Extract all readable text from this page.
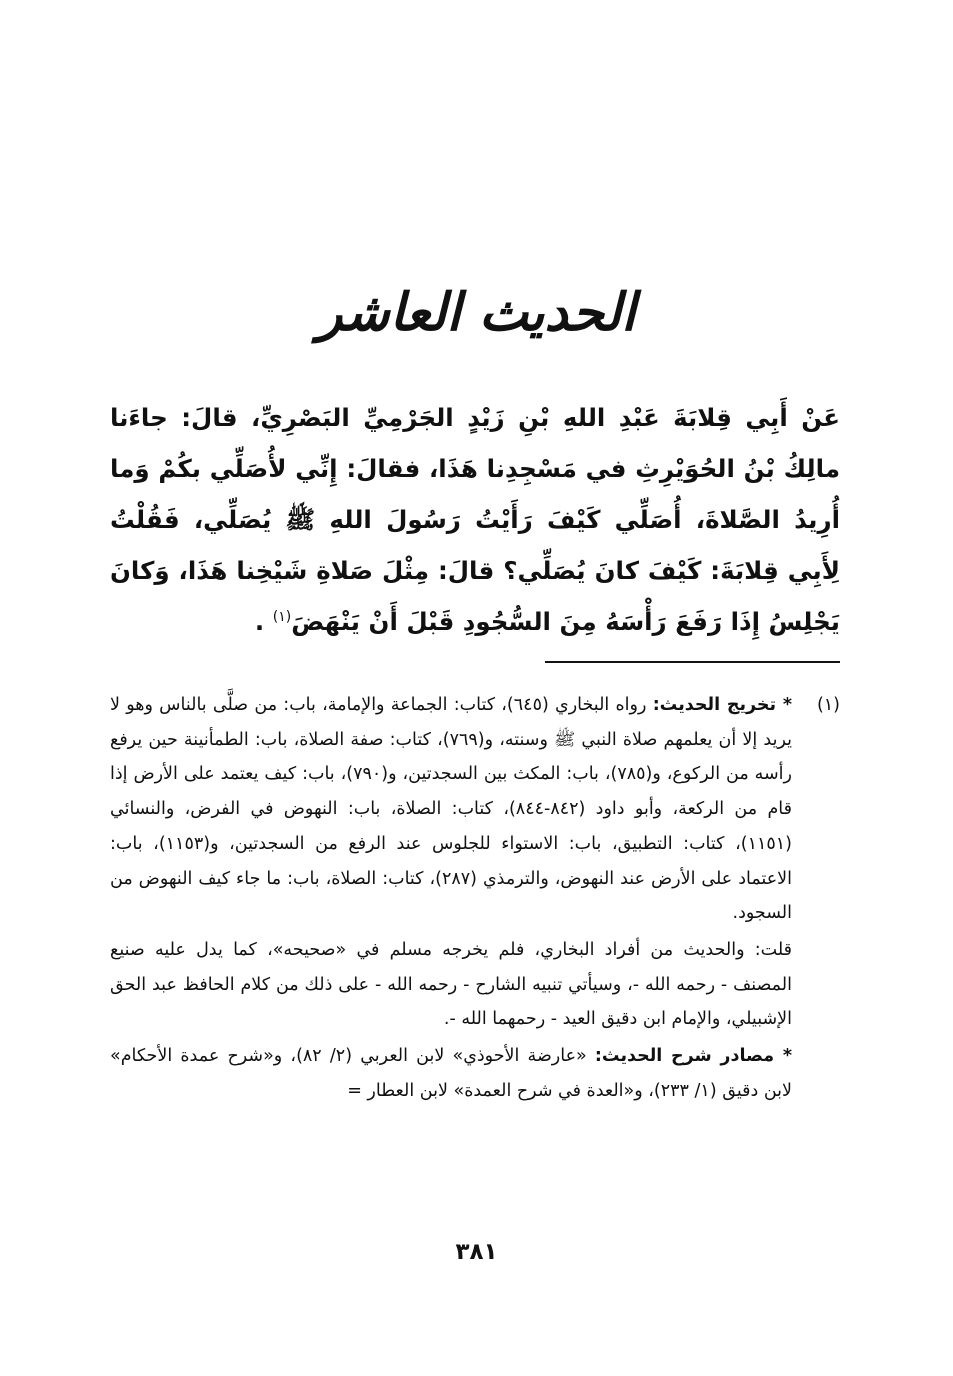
الحديث العاشر
عَنْ أَبِي قِلابَةَ عَبْدِ اللهِ بْنِ زَيْدٍ الجَرْمِيِّ البَصْرِيِّ، قالَ: جاءَنا مالِكُ بْنُ الحُوَيْرِثِ في مَسْجِدِنا هَذَا، فقالَ: إِنِّي لأُصَلِّي بكُمْ وَما أُرِيدُ الصَّلاةَ، أُصَلِّي كَيْفَ رَأَيْتُ رَسُولَ اللهِ ﷺ يُصَلِّي، فَقُلْتُ لِأَبِي قِلابَةَ: كَيْفَ كانَ يُصَلِّي؟ قالَ: مِثْلَ صَلاةِ شَيْخِنا هَذَا، وَكانَ يَجْلِسُ إِذَا رَفَعَ رَأْسَهُ مِنَ السُّجُودِ قَبْلَ أَنْ يَنْهَضَ$^{(١)}$ .
(١)

* تخريج الحديث: رواه البخاري (٦٤٥)، كتاب: الجماعة والإمامة، باب: من صلَّى بالناس وهو لا يريد إلا أن يعلمهم صلاة النبي ﷺ وسنته، و(٧٦٩)، كتاب: صفة الصلاة، باب: الطمأنينة حين يرفع رأسه من الركوع، و(٧٨٥)، باب: المكث بين السجدتين، و(٧٩٠)، باب: كيف يعتمد على الأرض إذا قام من الركعة، وأبو داود (٨٤٢-٨٤٤)، كتاب: الصلاة، باب: النهوض في الفرض، والنسائي (١١٥١)، كتاب: التطبيق، باب: الاستواء للجلوس عند الرفع من السجدتين، و(١١٥٣)، باب: الاعتماد على الأرض عند النهوض، والترمذي (٢٨٧)، كتاب: الصلاة، باب: ما جاء كيف النهوض من السجود.

قلت: والحديث من أفراد البخاري، فلم يخرجه مسلم في «صحيحه»، كما يدل عليه صنيع المصنف - رحمه الله -، وسيأتي تنبيه الشارح - رحمه الله - على ذلك من كلام الحافظ عبد الحق الإشبيلي، والإمام ابن دقيق العيد - رحمهما الله -.

* مصادر شرح الحديث: «عارضة الأحوذي» لابن العربي (٢/ ٨٢)، و«شرح عمدة الأحكام» لابن دقيق (١/ ٢٣٣)، و«العدة في شرح العمدة» لابن العطار =

٣٨١
